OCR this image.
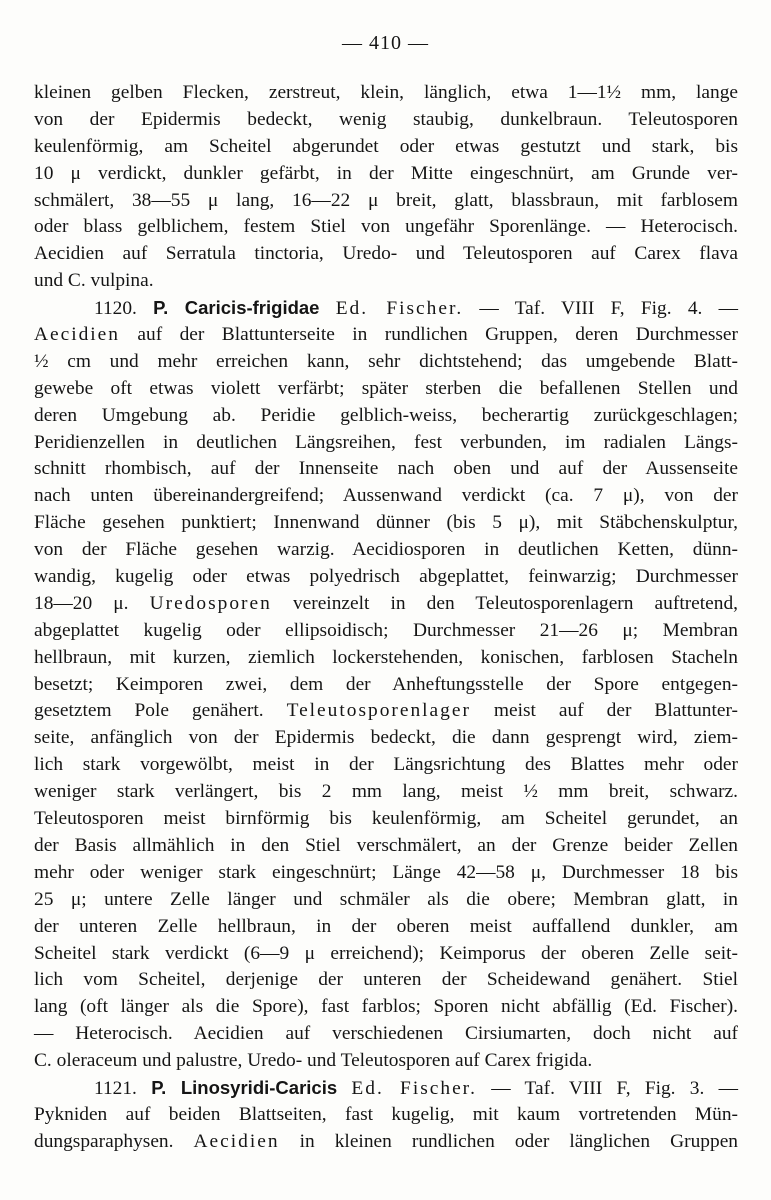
— 410 —
kleinen gelben Flecken, zerstreut, klein, länglich, etwa 1—1½ mm, lange
von der Epidermis bedeckt, wenig staubig, dunkelbraun. Teleutosporen
keulenförmig, am Scheitel abgerundet oder etwas gestutzt und stark, bis
10 μ verdickt, dunkler gefärbt, in der Mitte eingeschnürt, am Grunde ver-
schmälert, 38—55 μ lang, 16—22 μ breit, glatt, blassbraun, mit farblosem
oder blass gelblichem, festem Stiel von ungefähr Sporenlänge. — Heterocisch.
Aecidien auf Serratula tinctoria, Uredo- und Teleutosporen auf Carex flava
und C. vulpina.
1120. P. Caricis-frigidae Ed. Fischer. — Taf. VIII F, Fig. 4. —
Aecidien auf der Blattunterseite in rundlichen Gruppen, deren Durchmesser
½ cm und mehr erreichen kann, sehr dichtstehend; das umgebende Blatt-
gewebe oft etwas violett verfärbt; später sterben die befallenen Stellen und
deren Umgebung ab. Peridie gelblich-weiss, becherartig zurückgeschlagen;
Peridienzellen in deutlichen Längsreihen, fest verbunden, im radialen Längs-
schnitt rhombisch, auf der Innenseite nach oben und auf der Aussenseite
nach unten übereinandergreifend; Aussenwand verdickt (ca. 7 μ), von der
Fläche gesehen punktiert; Innenwand dünner (bis 5 μ), mit Stäbchenskulptur,
von der Fläche gesehen warzig. Aecidiosporen in deutlichen Ketten, dünn-
wandig, kugelig oder etwas polyedrisch abgeplattet, feinwarzig; Durchmesser
18—20 μ. Uredosporen vereinzelt in den Teleutosporenlagern auftretend,
abgeplattet kugelig oder ellipsoidisch; Durchmesser 21—26 μ; Membran
hellbraun, mit kurzen, ziemlich lockerstehenden, konischen, farblosen Stacheln
besetzt; Keimporen zwei, dem der Anheftungsstelle der Spore entgegen-
gesetztem Pole genähert. Teleutosporenlager meist auf der Blattunter-
seite, anfänglich von der Epidermis bedeckt, die dann gesprengt wird, ziem-
lich stark vorgewölbt, meist in der Längsrichtung des Blattes mehr oder
weniger stark verlängert, bis 2 mm lang, meist ½ mm breit, schwarz.
Teleutosporen meist birnförmig bis keulenförmig, am Scheitel gerundet, an
der Basis allmählich in den Stiel verschmälert, an der Grenze beider Zellen
mehr oder weniger stark eingeschnürt; Länge 42—58 μ, Durchmesser 18 bis
25 μ; untere Zelle länger und schmäler als die obere; Membran glatt, in
der unteren Zelle hellbraun, in der oberen meist auffallend dunkler, am
Scheitel stark verdickt (6—9 μ erreichend); Keimporus der oberen Zelle seit-
lich vom Scheitel, derjenige der unteren der Scheidewand genähert. Stiel
lang (oft länger als die Spore), fast farblos; Sporen nicht abfällig (Ed. Fischer).
— Heterocisch. Aecidien auf verschiedenen Cirsiumarten, doch nicht auf
C. oleraceum und palustre, Uredo- und Teleutosporen auf Carex frigida.
1121. P. Linosyridi-Caricis Ed. Fischer. — Taf. VIII F, Fig. 3. —
Pykniden auf beiden Blattseiten, fast kugelig, mit kaum vortretenden Mün-
dungsparaphysen. Aecidien in kleinen rundlichen oder länglichen Gruppen
